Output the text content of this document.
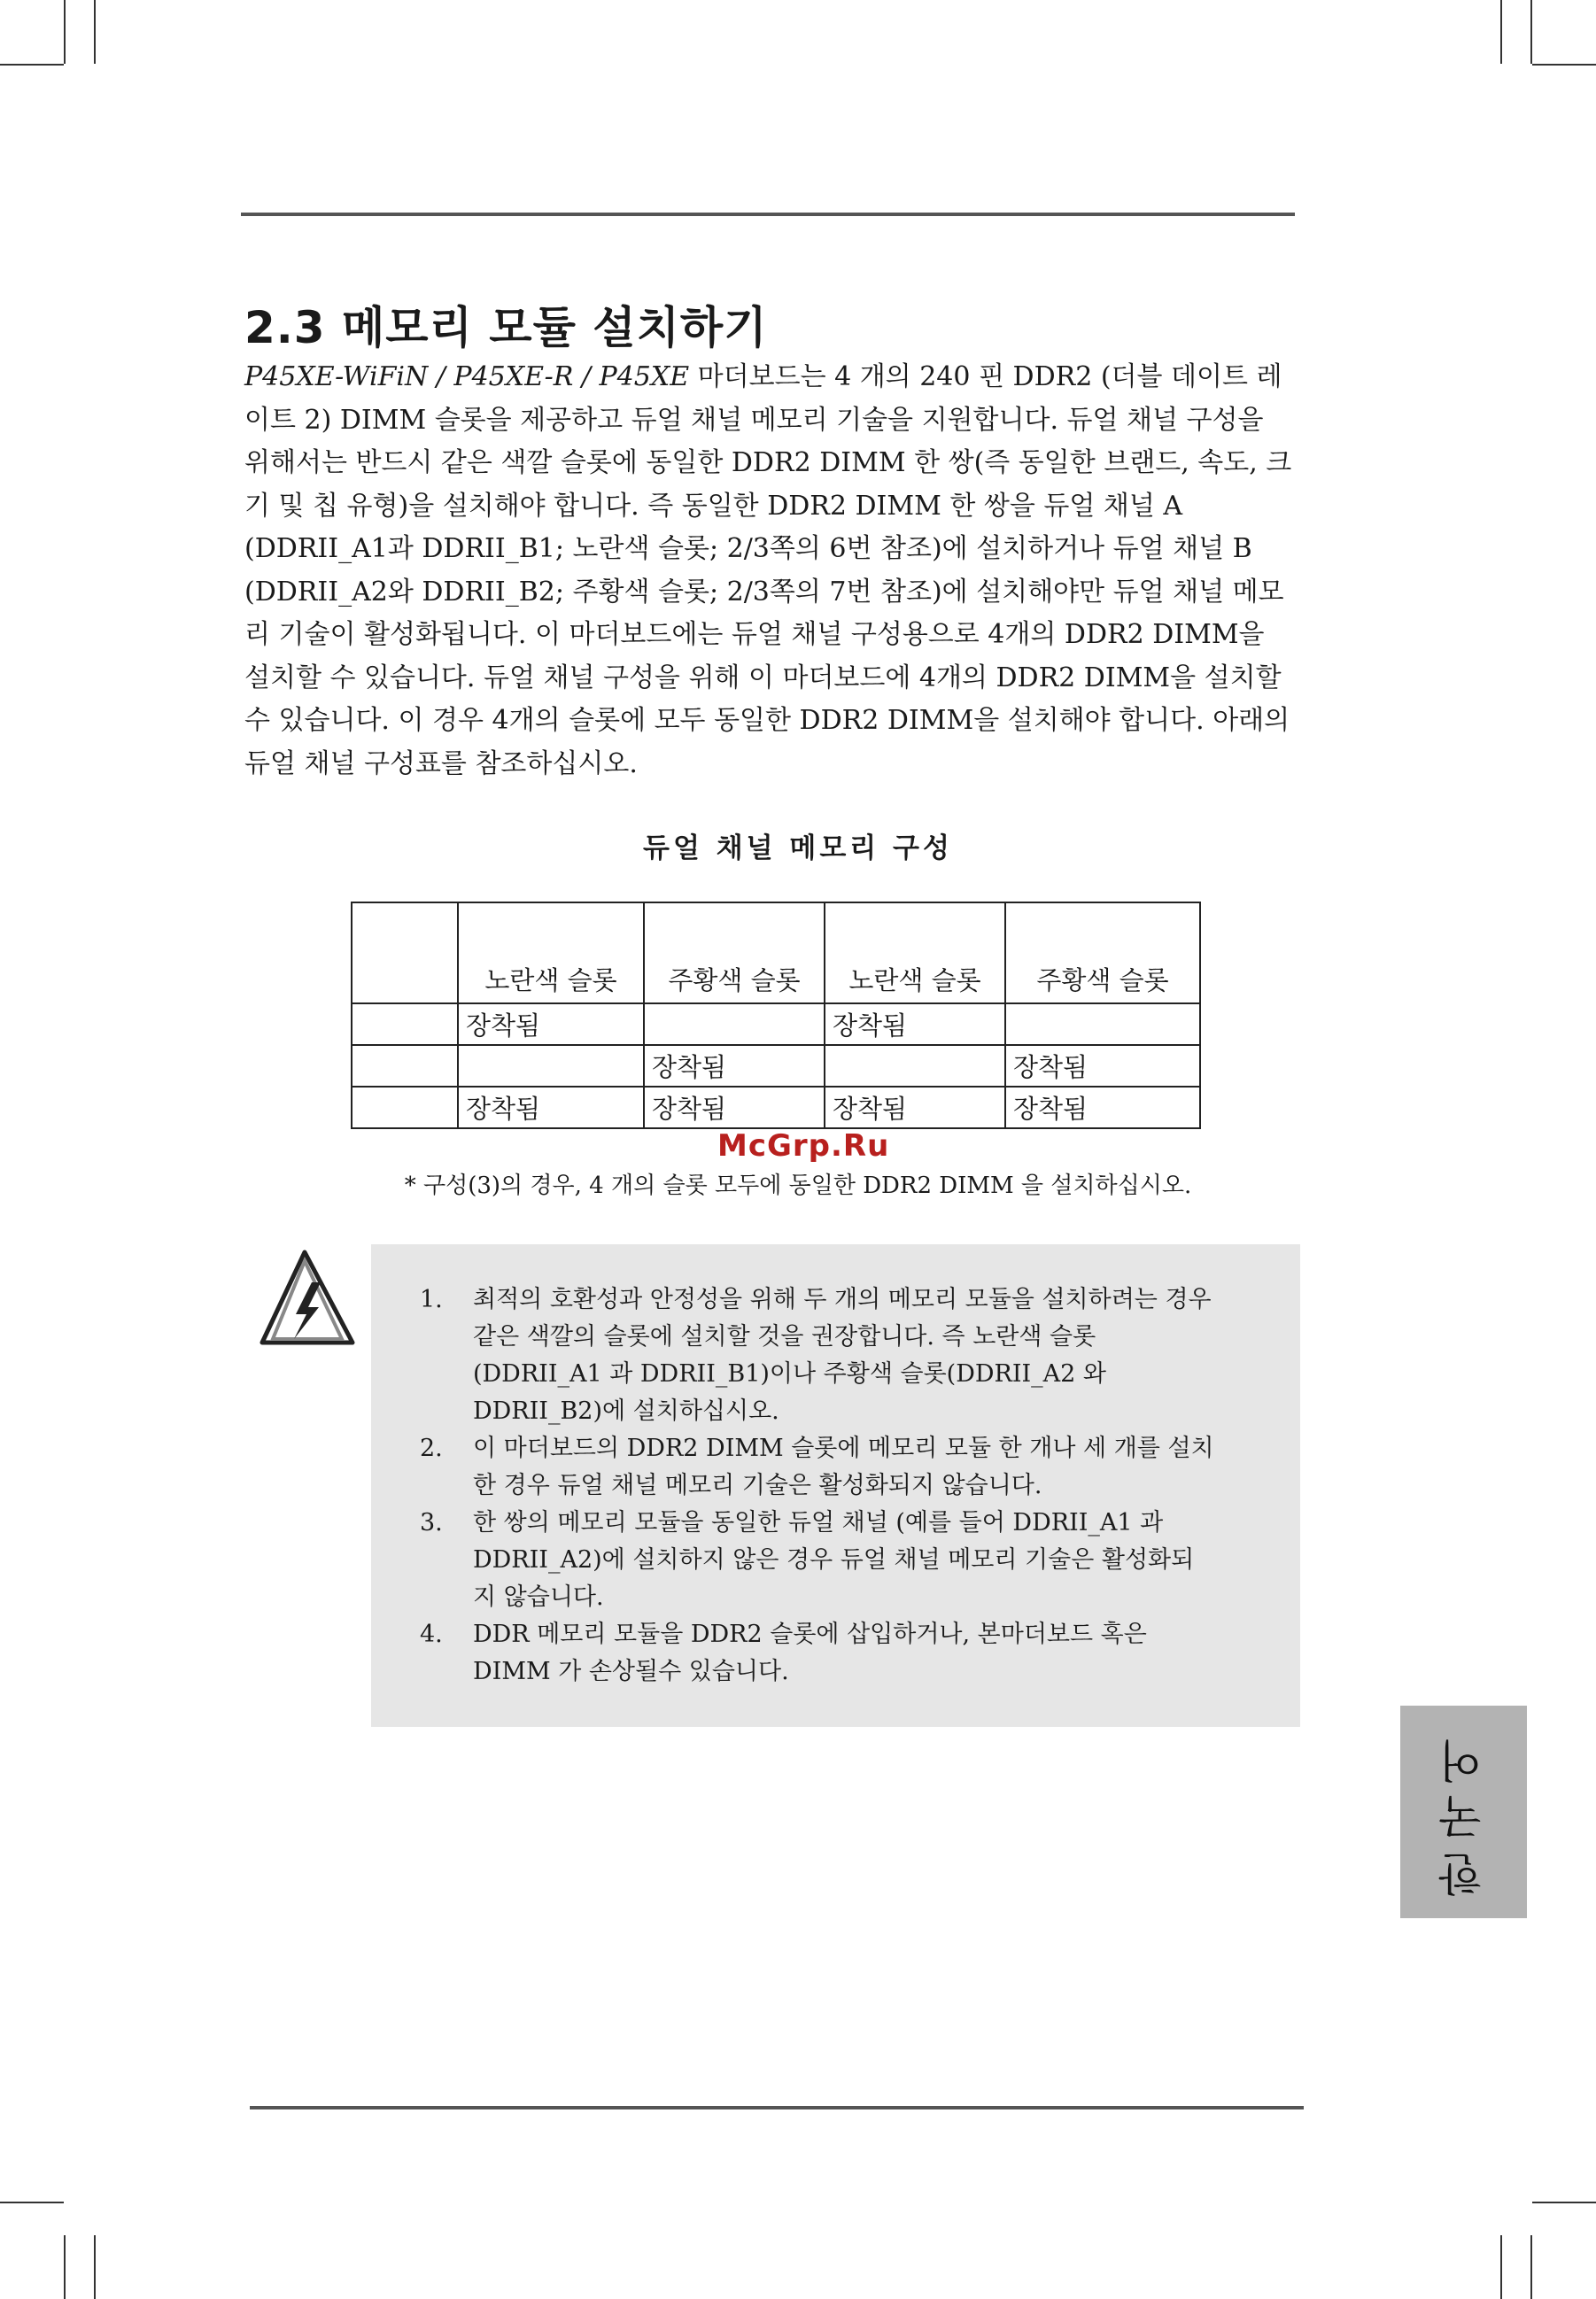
2.3 메모리 모듈 설치하기

P45XE-WiFiN / P45XE-R / P45XE 마더보드는 4 개의 240 핀 DDR2 (더블 데이트 레이트 2) DIMM 슬롯을 제공하고 듀얼 채널 메모리 기술을 지원합니다. 듀얼 채널 구성을 위해서는 반드시 같은 색깔 슬롯에 동일한 DDR2 DIMM 한 쌍(즉 동일한 브랜드, 속도, 크기 및 칩 유형)을 설치해야 합니다. 즉 동일한 DDR2 DIMM 한 쌍을 듀얼 채널 A (DDRII_A1과 DDRII_B1; 노란색 슬롯; 2/3쪽의 6번 참조)에 설치하거나 듀얼 채널 B (DDRII_A2와 DDRII_B2; 주황색 슬롯; 2/3쪽의 7번 참조)에 설치해야만 듀얼 채널 메모리 기술이 활성화됩니다. 이 마더보드에는 듀얼 채널 구성용으로 4개의 DDR2 DIMM을 설치할 수 있습니다. 듀얼 채널 구성을 위해 이 마더보드에 4개의 DDR2 DIMM을 설치할 수 있습니다. 이 경우 4개의 슬롯에 모두 동일한 DDR2 DIMM을 설치해야 합니다. 아래의 듀얼 채널 구성표를 참조하십시오.

듀얼 채널 메모리 구성
	노란색 슬롯	주황색 슬롯	노란색 슬롯	주황색 슬롯
	장착됨		장착됨	
		장착됨		장착됨
	장착됨	장착됨	장착됨	장착됨
McGrp.Ru
* 구성(3)의 경우, 4 개의 슬롯 모두에 동일한 DDR2 DIMM 을 설치하십시오.
1. 최적의 호환성과 안정성을 위해 두 개의 메모리 모듈을 설치하려는 경우 같은 색깔의 슬롯에 설치할 것을 권장합니다. 즉 노란색 슬롯 (DDRII_A1 과 DDRII_B1)이나 주황색 슬롯(DDRII_A2 와 DDRII_B2)에 설치하십시오.
2. 이 마더보드의 DDR2 DIMM 슬롯에 메모리 모듈 한 개나 세 개를 설치한 경우 듀얼 채널 메모리 기술은 활성화되지 않습니다.
3. 한 쌍의 메모리 모듈을 동일한 듀얼 채널 (예를 들어 DDRII_A1 과 DDRII_A2)에 설치하지 않은 경우 듀얼 채널 메모리 기술은 활성화되지 않습니다.
4. DDR 메모리 모듈을 DDR2 슬롯에 삽입하거나, 본마더보드 혹은 DIMM 가 손상될수 있습니다.
한국어
